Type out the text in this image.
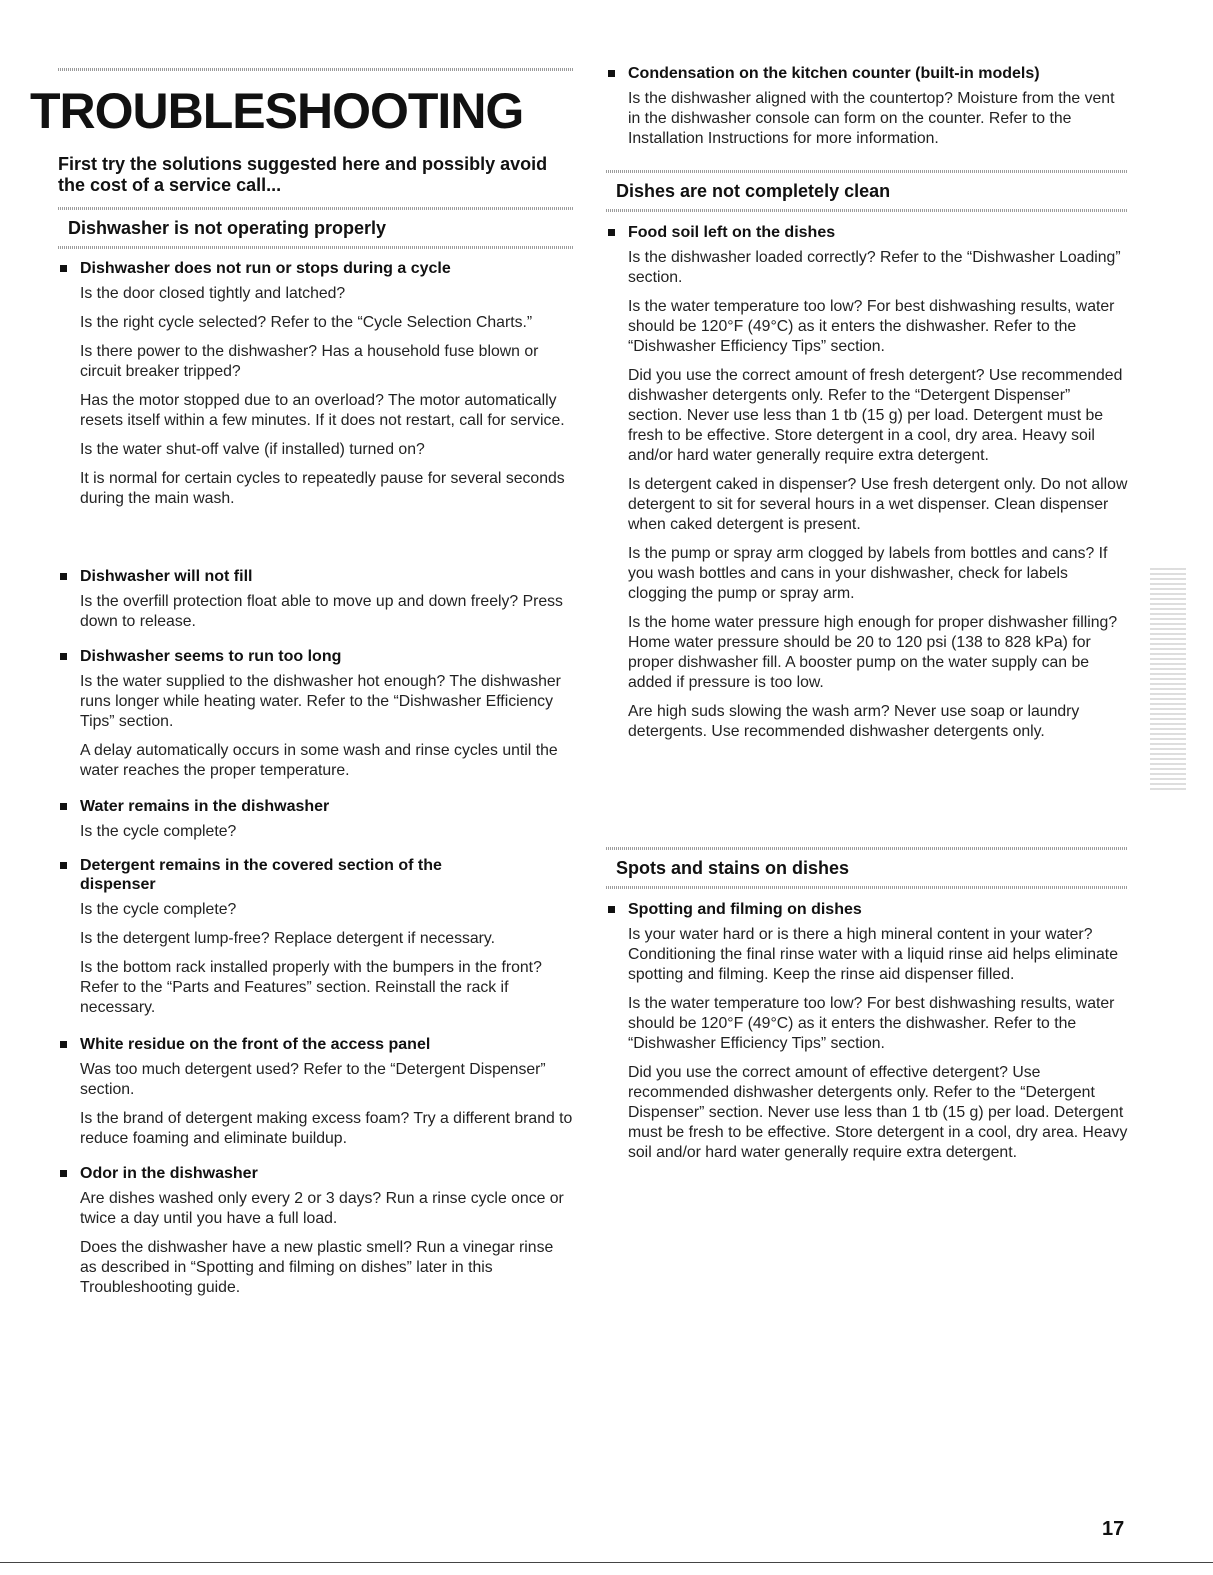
TROUBLESHOOTING

First try the solutions suggested here and possibly avoid the cost of a service call...

Dishwasher is not operating properly
Dishwasher does not run or stops during a cycle

Is the door closed tightly and latched?

Is the right cycle selected? Refer to the “Cycle Selection Charts.”

Is there power to the dishwasher? Has a household fuse blown or circuit breaker tripped?

Has the motor stopped due to an overload? The motor automatically resets itself within a few minutes. If it does not restart, call for service.

Is the water shut-off valve (if installed) turned on?

It is normal for certain cycles to repeatedly pause for several seconds during the main wash.

Dishwasher will not fill

Is the overfill protection float able to move up and down freely? Press down to release.

Dishwasher seems to run too long

Is the water supplied to the dishwasher hot enough? The dishwasher runs longer while heating water. Refer to the “Dishwasher Efficiency Tips” section.

A delay automatically occurs in some wash and rinse cycles until the water reaches the proper temperature.

Water remains in the dishwasher

Is the cycle complete?

Detergent remains in the covered section of the dispenser

Is the cycle complete?

Is the detergent lump-free? Replace detergent if necessary.

Is the bottom rack installed properly with the bumpers in the front? Refer to the “Parts and Features” section. Reinstall the rack if necessary.

White residue on the front of the access panel

Was too much detergent used? Refer to the “Detergent Dispenser” section.

Is the brand of detergent making excess foam? Try a different brand to reduce foaming and eliminate buildup.

Odor in the dishwasher

Are dishes washed only every 2 or 3 days? Run a rinse cycle once or twice a day until you have a full load.

Does the dishwasher have a new plastic smell? Run a vinegar rinse as described in “Spotting and filming on dishes” later in this Troubleshooting guide.

Condensation on the kitchen counter (built-in models)

Is the dishwasher aligned with the countertop? Moisture from the vent in the dishwasher console can form on the counter. Refer to the Installation Instructions for more information.

Dishes are not completely clean
Food soil left on the dishes

Is the dishwasher loaded correctly? Refer to the “Dishwasher Loading” section.

Is the water temperature too low? For best dishwashing results, water should be 120°F (49°C) as it enters the dishwasher. Refer to the “Dishwasher Efficiency Tips” section.

Did you use the correct amount of fresh detergent? Use recommended dishwasher detergents only. Refer to the “Detergent Dispenser” section. Never use less than 1 tb (15 g) per load. Detergent must be fresh to be effective. Store detergent in a cool, dry area. Heavy soil and/or hard water generally require extra detergent.

Is detergent caked in dispenser? Use fresh detergent only. Do not allow detergent to sit for several hours in a wet dispenser. Clean dispenser when caked detergent is present.

Is the pump or spray arm clogged by labels from bottles and cans? If you wash bottles and cans in your dishwasher, check for labels clogging the pump or spray arm.

Is the home water pressure high enough for proper dishwasher filling? Home water pressure should be 20 to 120 psi (138 to 828 kPa) for proper dishwasher fill. A booster pump on the water supply can be added if pressure is too low.

Are high suds slowing the wash arm? Never use soap or laundry detergents. Use recommended dishwasher detergents only.

Spots and stains on dishes
Spotting and filming on dishes

Is your water hard or is there a high mineral content in your water? Conditioning the final rinse water with a liquid rinse aid helps eliminate spotting and filming. Keep the rinse aid dispenser filled.

Is the water temperature too low? For best dishwashing results, water should be 120°F (49°C) as it enters the dishwasher. Refer to the “Dishwasher Efficiency Tips” section.

Did you use the correct amount of effective detergent? Use recommended dishwasher detergents only. Refer to the “Detergent Dispenser” section. Never use less than 1 tb (15 g) per load. Detergent must be fresh to be effective. Store detergent in a cool, dry area. Heavy soil and/or hard water generally require extra detergent.

17
